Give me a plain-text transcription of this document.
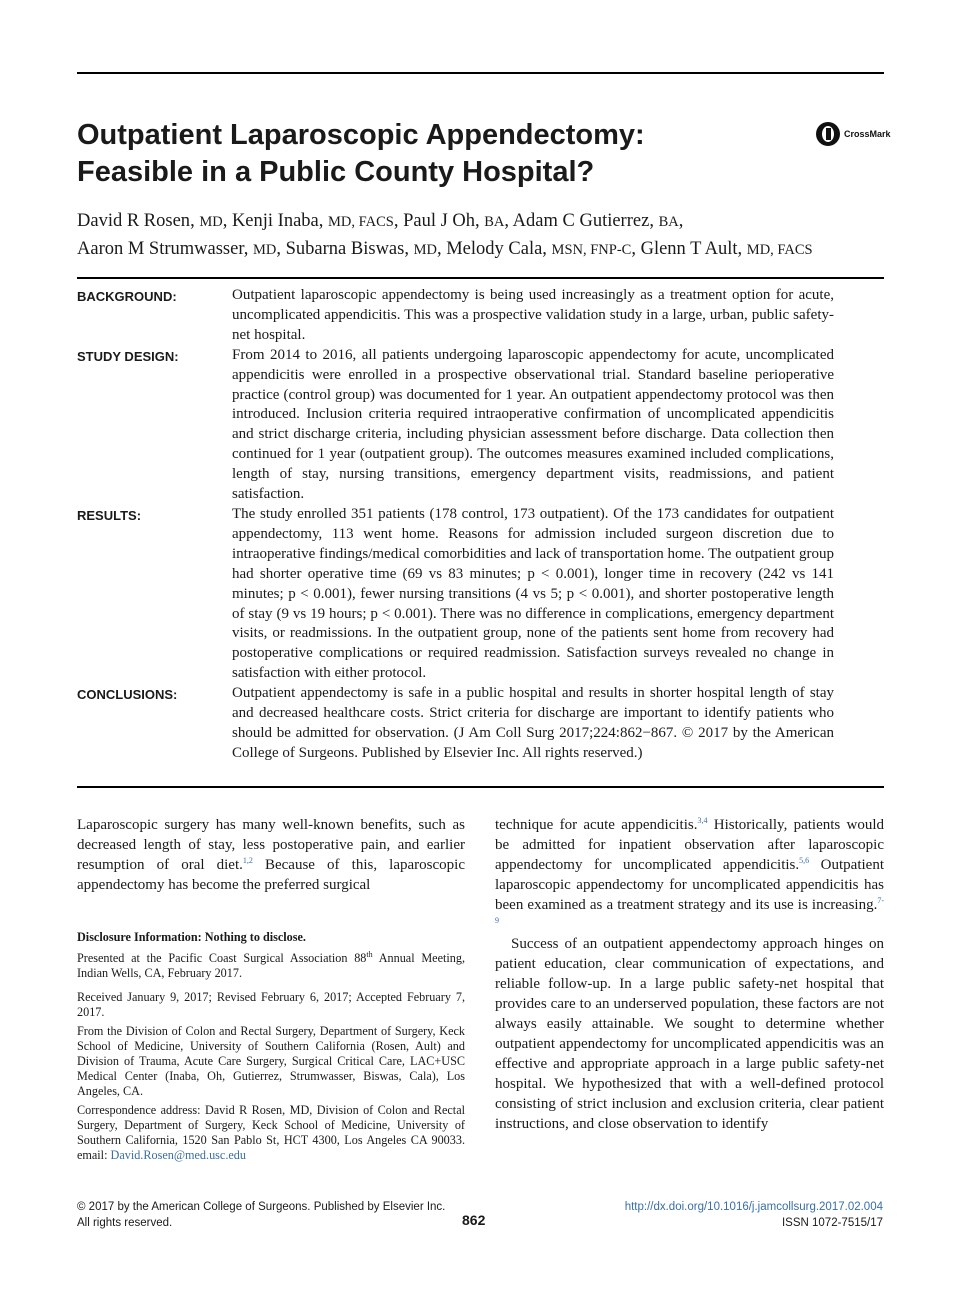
Outpatient Laparoscopic Appendectomy: Feasible in a Public County Hospital?
CrossMark

David R Rosen, MD, Kenji Inaba, MD, FACS, Paul J Oh, BA, Adam C Gutierrez, BA,
Aaron M Strumwasser, MD, Subarna Biswas, MD, Melody Cala, MSN, FNP-C, Glenn T Ault, MD, FACS

BACKGROUND:	Outpatient laparoscopic appendectomy is being used increasingly as a treatment option for acute, uncomplicated appendicitis. This was a prospective validation study in a large, urban, public safety-net hospital.

STUDY DESIGN:	From 2014 to 2016, all patients undergoing laparoscopic appendectomy for acute, uncomplicated appendicitis were enrolled in a prospective observational trial. Standard baseline perioperative practice (control group) was documented for 1 year. An outpatient appendectomy protocol was then introduced. Inclusion criteria required intraoperative confirmation of uncomplicated appendicitis and strict discharge criteria, including physician assessment before discharge. Data collection then continued for 1 year (outpatient group). The outcomes measures examined included complications, length of stay, nursing transitions, emergency department visits, readmissions, and patient satisfaction.

RESULTS:	The study enrolled 351 patients (178 control, 173 outpatient). Of the 173 candidates for outpatient appendectomy, 113 went home. Reasons for admission included surgeon discretion due to intraoperative findings/medical comorbidities and lack of transportation home. The outpatient group had shorter operative time (69 vs 83 minutes; p < 0.001), longer time in recovery (242 vs 141 minutes; p < 0.001), fewer nursing transitions (4 vs 5; p < 0.001), and shorter postoperative length of stay (9 vs 19 hours; p < 0.001). There was no difference in complications, emergency department visits, or readmissions. In the outpatient group, none of the patients sent home from recovery had postoperative complications or required readmission. Satisfaction surveys revealed no change in satisfaction with either protocol.

CONCLUSIONS:	Outpatient appendectomy is safe in a public hospital and results in shorter hospital length of stay and decreased healthcare costs. Strict criteria for discharge are important to identify patients who should be admitted for observation. (J Am Coll Surg 2017;224:862−867. © 2017 by the American College of Surgeons. Published by Elsevier Inc. All rights reserved.)

Laparoscopic surgery has many well-known benefits, such as decreased length of stay, less postoperative pain, and earlier resumption of oral diet.$^{1,2}$ Because of this, laparoscopic appendectomy has become the preferred surgical

Disclosure Information: Nothing to disclose.

Presented at the Pacific Coast Surgical Association 88th Annual Meeting, Indian Wells, CA, February 2017.

Received January 9, 2017; Revised February 6, 2017; Accepted February 7, 2017.

From the Division of Colon and Rectal Surgery, Department of Surgery, Keck School of Medicine, University of Southern California (Rosen, Ault) and Division of Trauma, Acute Care Surgery, Surgical Critical Care, LAC+USC Medical Center (Inaba, Oh, Gutierrez, Strumwasser, Biswas, Cala), Los Angeles, CA.

Correspondence address: David R Rosen, MD, Division of Colon and Rectal Surgery, Department of Surgery, Keck School of Medicine, University of Southern California, 1520 San Pablo St, HCT 4300, Los Angeles CA 90033. email: David.Rosen@med.usc.edu

technique for acute appendicitis.$^{3,4}$ Historically, patients would be admitted for inpatient observation after laparoscopic appendectomy for uncomplicated appendicitis.$^{5,6}$ Outpatient laparoscopic appendectomy for uncomplicated appendicitis has been examined as a treatment strategy and its use is increasing.$^{7-9}$

Success of an outpatient appendectomy approach hinges on patient education, clear communication of expectations, and reliable follow-up. In a large public safety-net hospital that provides care to an underserved population, these factors are not always easily attainable. We sought to determine whether outpatient appendectomy for uncomplicated appendicitis was an effective and appropriate approach in a large public safety-net hospital. We hypothesized that with a well-defined protocol consisting of strict inclusion and exclusion criteria, clear patient instructions, and close observation to identify

© 2017 by the American College of Surgeons. Published by Elsevier Inc.
All rights reserved.	862
http://dx.doi.org/10.1016/j.jamcollsurg.2017.02.004
ISSN 1072-7515/17
